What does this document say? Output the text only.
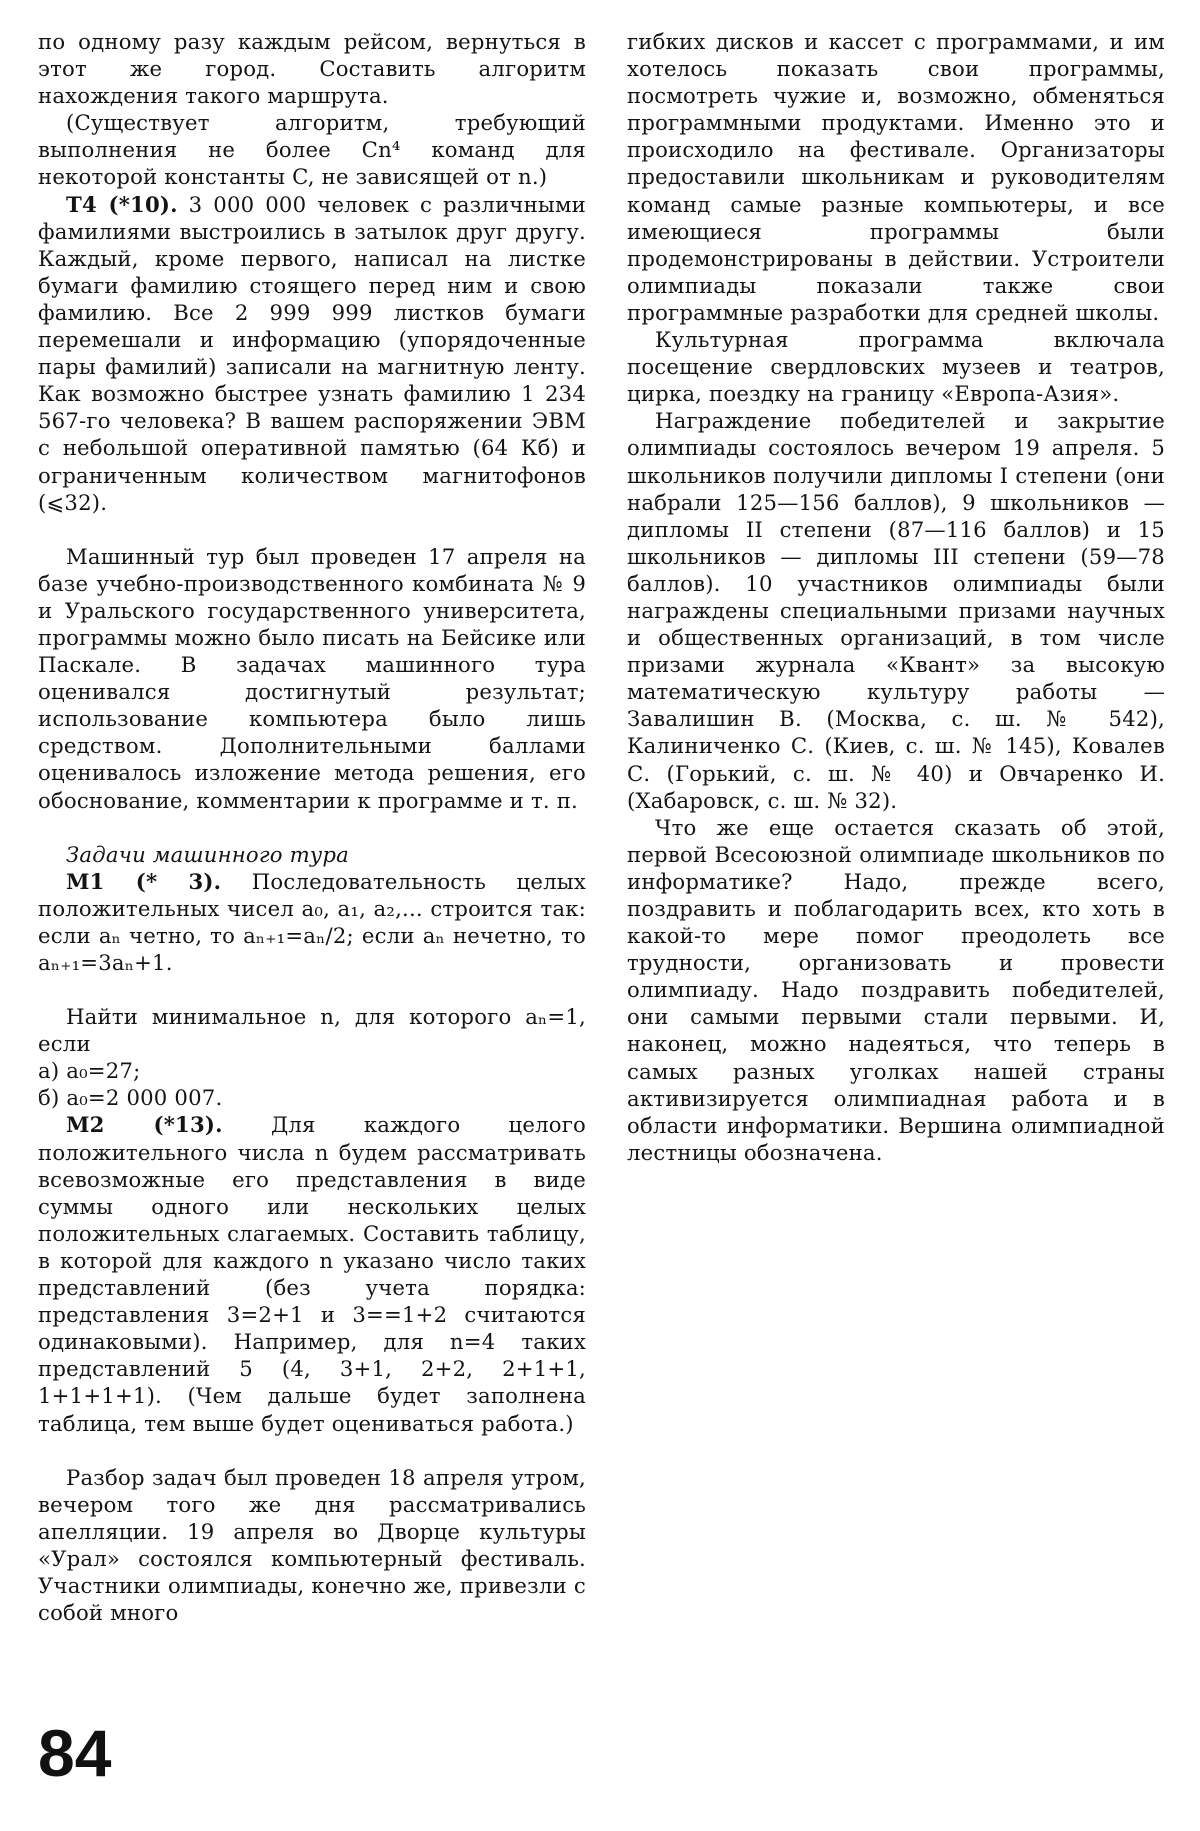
по одному разу каждым рейсом, вернуться в этот же город. Составить алгоритм нахождения такого маршрута.

(Существует алгоритм, требующий выполнения не более Cn⁴ команд для некоторой константы C, не зависящей от n.)

Т4 (*10). 3 000 000 человек с различными фамилиями выстроились в затылок друг другу. Каждый, кроме первого, написал на листке бумаги фамилию стоящего перед ним и свою фамилию. Все 2 999 999 листков бумаги перемешали и информацию (упорядоченные пары фамилий) записали на магнитную ленту. Как возможно быстрее узнать фамилию 1 234 567-го человека? В вашем распоряжении ЭВМ с небольшой оперативной памятью (64 Кб) и ограниченным количеством магнитофонов (⩽32).

Машинный тур был проведен 17 апреля на базе учебно-производственного комбината № 9 и Уральского государственного университета, программы можно было писать на Бейсике или Паскале. В задачах машинного тура оценивался достигнутый результат; использование компьютера было лишь средством. Дополнительными баллами оценивалось изложение метода решения, его обоснование, комментарии к программе и т. п.

Задачи машинного тура

М1 (* 3). Последовательность целых положительных чисел a₀, a₁, a₂,... строится так: если aₙ четно, то aₙ₊₁=aₙ/2; если aₙ нечетно, то aₙ₊₁=3aₙ+1.

Найти минимальное n, для которого aₙ=1, если

а) a₀=27;

б) a₀=2 000 007.

М2 (*13). Для каждого целого положительного числа n будем рассматривать всевозможные его представления в виде суммы одного или нескольких целых положительных слагаемых. Составить таблицу, в которой для каждого n указано число таких представлений (без учета порядка: представления 3=2+1 и 3==1+2 считаются одинаковыми). Например, для n=4 таких представлений 5 (4, 3+1, 2+2, 2+1+1, 1+1+1+1). (Чем дальше будет заполнена таблица, тем выше будет оцениваться работа.)

Разбор задач был проведен 18 апреля утром, вечером того же дня рассматривались апелляции. 19 апреля во Дворце культуры «Урал» состоялся компьютерный фестиваль. Участники олимпиады, конечно же, привезли с собой много

гибких дисков и кассет с программами, и им хотелось показать свои программы, посмотреть чужие и, возможно, обменяться программными продуктами. Именно это и происходило на фестивале. Организаторы предоставили школьникам и руководителям команд самые разные компьютеры, и все имеющиеся программы были продемонстрированы в действии. Устроители олимпиады показали также свои программные разработки для средней школы.

Культурная программа включала посещение свердловских музеев и театров, цирка, поездку на границу «Европа-Азия».

Награждение победителей и закрытие олимпиады состоялось вечером 19 апреля. 5 школьников получили дипломы I степени (они набрали 125—156 баллов), 9 школьников — дипломы II степени (87—116 баллов) и 15 школьников — дипломы III степени (59—78 баллов). 10 участников олимпиады были награждены специальными призами научных и общественных организаций, в том числе призами журнала «Квант» за высокую математическую культуру работы — Завалишин В. (Москва, с. ш. № 542), Калиниченко С. (Киев, с. ш. № 145), Ковалев С. (Горький, с. ш. № 40) и Овчаренко И. (Хабаровск, с. ш. № 32).

Что же еще остается сказать об этой, первой Всесоюзной олимпиаде школьников по информатике? Надо, прежде всего, поздравить и поблагодарить всех, кто хоть в какой-то мере помог преодолеть все трудности, организовать и провести олимпиаду. Надо поздравить победителей, они самыми первыми стали первыми. И, наконец, можно надеяться, что теперь в самых разных уголках нашей страны активизируется олимпиадная работа и в области информатики. Вершина олимпиадной лестницы обозначена.

84
